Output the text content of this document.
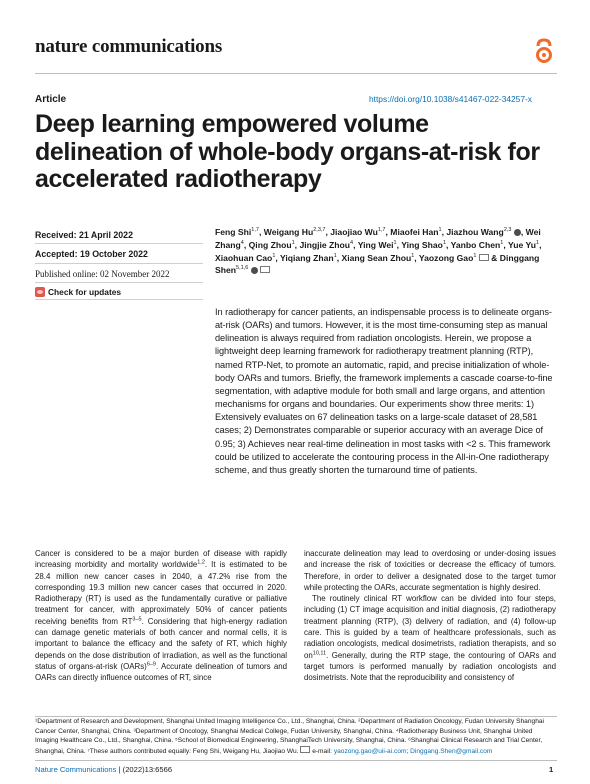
nature communications
Article	https://doi.org/10.1038/s41467-022-34257-x
Deep learning empowered volume delineation of whole-body organs-at-risk for accelerated radiotherapy
Received: 21 April 2022
Accepted: 19 October 2022
Published online: 02 November 2022
Check for updates
Feng Shi$^{1,7}$, Weigang Hu$^{2,3,7}$, Jiaojiao Wu$^{1,7}$, Miaofei Han$^1$, Jiazhou Wang$^{2,3}$ , Wei Zhang$^4$, Qing Zhou$^1$, Jingjie Zhou$^4$, Ying Wei$^1$, Ying Shao$^1$, Yanbo Chen$^1$, Yue Yu$^1$, Xiaohuan Cao$^1$, Yiqiang Zhan$^1$, Xiang Sean Zhou$^1$, Yaozong Gao$^1$  & Dinggang Shen$^{5,1,6}$

In radiotherapy for cancer patients, an indispensable process is to delineate organs-at-risk (OARs) and tumors. However, it is the most time-consuming step as manual delineation is always required from radiation oncologists. Herein, we propose a lightweight deep learning framework for radiotherapy treatment planning (RTP), named RTP-Net, to promote an automatic, rapid, and precise initialization of whole-body OARs and tumors. Briefly, the framework implements a cascade coarse-to-fine segmentation, with adaptive module for both small and large organs, and attention mechanisms for organs and boundaries. Our experiments show three merits: 1) Extensively evaluates on 67 delineation tasks on a large-scale dataset of 28,581 cases; 2) Demonstrates comparable or superior accuracy with an average Dice of 0.95; 3) Achieves near real-time delineation in most tasks with <2 s. This framework could be utilized to accelerate the contouring process in the All-in-One radiotherapy scheme, and thus greatly shorten the turnaround time of patients.

Cancer is considered to be a major burden of disease with rapidly increasing morbidity and mortality worldwide$^{1,2}$. It is estimated to be 28.4 million new cancer cases in 2040, a 47.2% rise from the corresponding 19.3 million new cancer cases that occurred in 2020. Radiotherapy (RT) is used as the fundamentally curative or palliative treatment for cancer, with approximately 50% of cancer patients receiving benefits from RT$^{3-5}$. Considering that high-energy radiation can damage genetic materials of both cancer and normal cells, it is important to balance the efficacy and the safety of RT, which highly depends on the dose distribution of irradiation, as well as the functional status of organs-at-risk (OARs)$^{6-9}$. Accurate delineation of tumors and OARs can directly influence outcomes of RT, since

inaccurate delineation may lead to overdosing or under-dosing issues and increase the risk of toxicities or decrease the efficacy of tumors. Therefore, in order to deliver a designated dose to the target tumor while protecting the OARs, accurate segmentation is highly desired.

The routinely clinical RT workflow can be divided into four steps, including (1) CT image acquisition and initial diagnosis, (2) radiotherapy treatment planning (RTP), (3) delivery of radiation, and (4) follow-up care. This is guided by a team of healthcare professionals, such as radiation oncologists, medical dosimetrists, radiation therapists, and so on$^{10,11}$. Generally, during the RTP stage, the contouring of OARs and target tumors is performed manually by radiation oncologists and dosimetrists. Note that the reproducibility and consistency of

¹Department of Research and Development, Shanghai United Imaging Intelligence Co., Ltd., Shanghai, China. ²Department of Radiation Oncology, Fudan University Shanghai Cancer Center, Shanghai, China. ³Department of Oncology, Shanghai Medical College, Fudan University, Shanghai, China. ⁴Radiotherapy Business Unit, Shanghai United Imaging Healthcare Co., Ltd., Shanghai, China. ⁵School of Biomedical Engineering, ShanghaiTech University, Shanghai, China. ⁶Shanghai Clinical Research and Trial Center, Shanghai, China. ⁷These authors contributed equally: Feng Shi, Weigang Hu, Jiaojiao Wu. e-mail: yaozong.gao@uii-ai.com; Dinggang.Shen@gmail.com

Nature Communications | (2022)13:6566	1
